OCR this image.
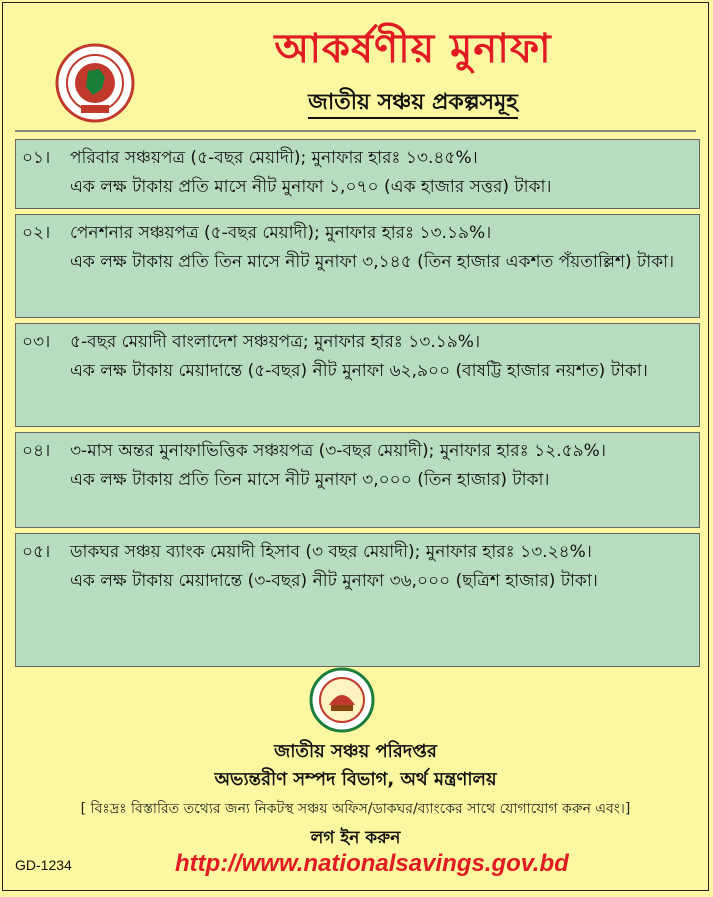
আকর্ষণীয় মুনাফা
জাতীয় সঞ্চয় প্রকল্পসমূহ
০১।	পরিবার সঞ্চয়পত্র (৫-বছর মেয়াদী); মুনাফার হারঃ ১৩.৪৫%।
এক লক্ষ টাকায় প্রতি মাসে নীট মুনাফা ১,০৭০ (এক হাজার সত্তর) টাকা।
০২।	পেনশনার সঞ্চয়পত্র (৫-বছর মেয়াদী); মুনাফার হারঃ ১৩.১৯%।
এক লক্ষ টাকায় প্রতি তিন মাসে নীট মুনাফা ৩,১৪৫ (তিন হাজার একশত পঁয়তাল্লিশ) টাকা।
০৩।	৫-বছর মেয়াদী বাংলাদেশ সঞ্চয়পত্র; মুনাফার হারঃ ১৩.১৯%।
এক লক্ষ টাকায় মেয়াদান্তে (৫-বছর) নীট মুনাফা ৬২,৯০০ (বাষট্টি হাজার নয়শত) টাকা।
০৪।	৩-মাস অন্তর মুনাফাভিত্তিক সঞ্চয়পত্র (৩-বছর মেয়াদী); মুনাফার হারঃ ১২.৫৯%।
এক লক্ষ টাকায় প্রতি তিন মাসে নীট মুনাফা ৩,০০০ (তিন হাজার) টাকা।
০৫।	ডাকঘর সঞ্চয় ব্যাংক মেয়াদী হিসাব (৩ বছর মেয়াদী); মুনাফার হারঃ ১৩.২৪%।
এক লক্ষ টাকায় মেয়াদান্তে (৩-বছর) নীট মুনাফা ৩৬,০০০ (ছত্রিশ হাজার) টাকা।
জাতীয় সঞ্চয় পরিদপ্তর
অভ্যন্তরীণ সম্পদ বিভাগ, অর্থ মন্ত্রণালয়
[ বিঃদ্রঃ বিস্তারিত তথ্যের জন্য নিকটস্থ সঞ্চয় অফিস/ডাকঘর/ব্যাংকের সাথে যোগাযোগ করুন এবং।]
লগ ইন করুন
GD-1234	http://www.nationalsavings.gov.bd
